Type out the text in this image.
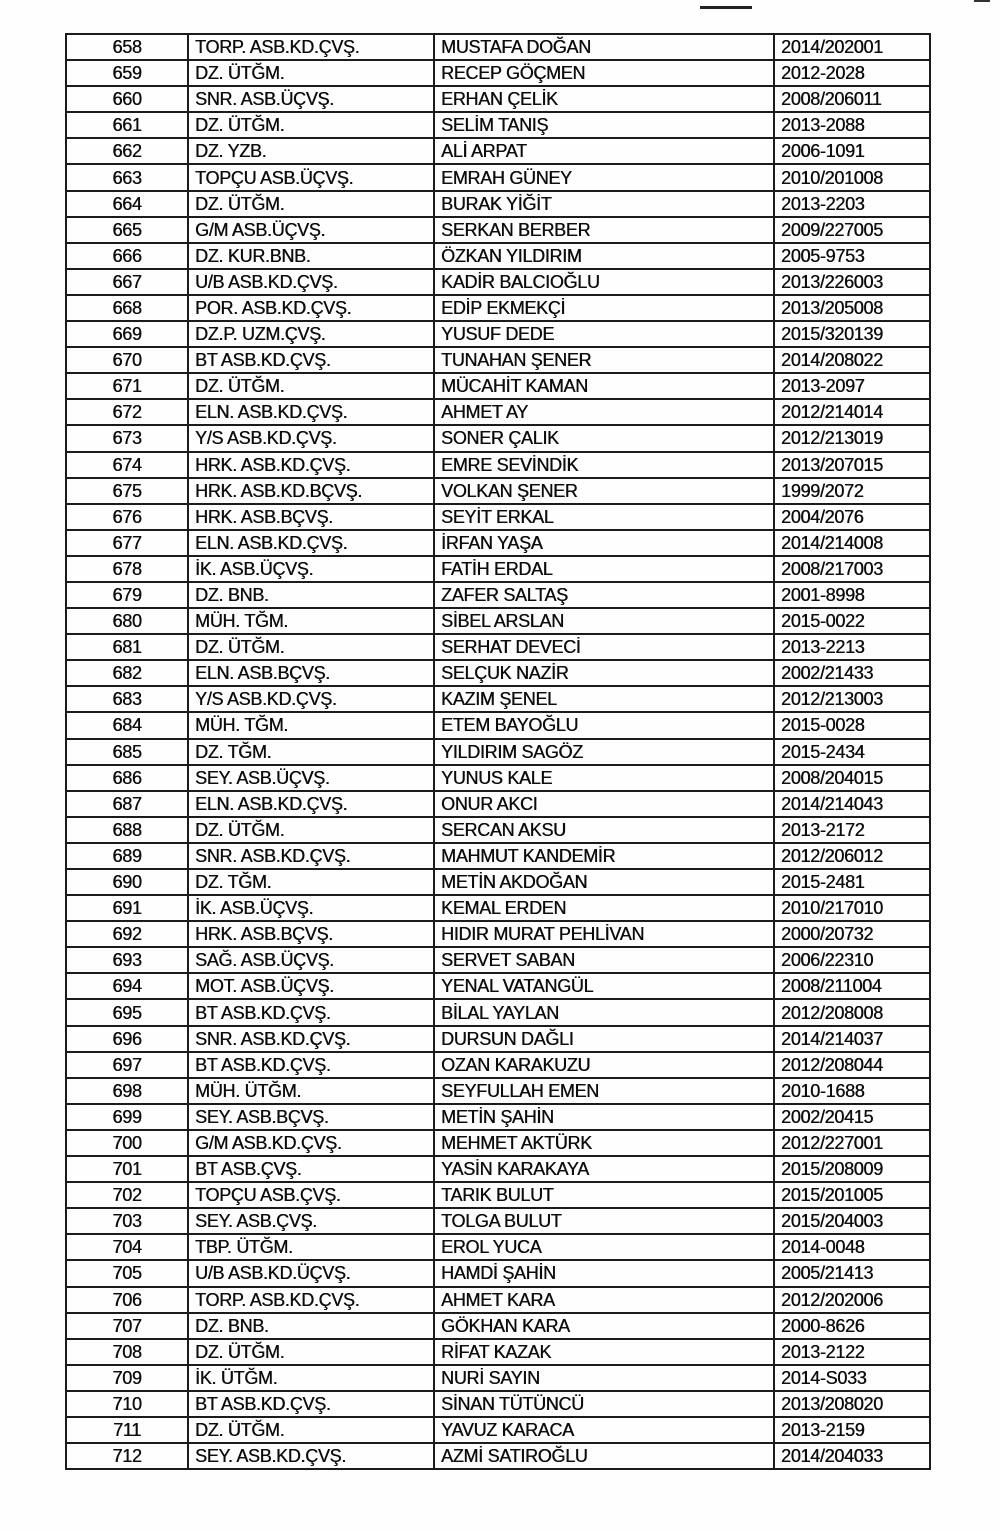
658	TORP. ASB.KD.ÇVŞ.	MUSTAFA DOĞAN	2014/202001
659	DZ. ÜTĞM.	RECEP GÖÇMEN	2012-2028
660	SNR. ASB.ÜÇVŞ.	ERHAN ÇELİK	2008/206011
661	DZ. ÜTĞM.	SELİM TANIŞ	2013-2088
662	DZ. YZB.	ALİ ARPAT	2006-1091
663	TOPÇU ASB.ÜÇVŞ.	EMRAH GÜNEY	2010/201008
664	DZ. ÜTĞM.	BURAK YİĞİT	2013-2203
665	G/M ASB.ÜÇVŞ.	SERKAN BERBER	2009/227005
666	DZ. KUR.BNB.	ÖZKAN YILDIRIM	2005-9753
667	U/B ASB.KD.ÇVŞ.	KADİR BALCIOĞLU	2013/226003
668	POR. ASB.KD.ÇVŞ.	EDİP EKMEKÇİ	2013/205008
669	DZ.P. UZM.ÇVŞ.	YUSUF DEDE	2015/320139
670	BT ASB.KD.ÇVŞ.	TUNAHAN ŞENER	2014/208022
671	DZ. ÜTĞM.	MÜCAHİT KAMAN	2013-2097
672	ELN. ASB.KD.ÇVŞ.	AHMET AY	2012/214014
673	Y/S ASB.KD.ÇVŞ.	SONER ÇALIK	2012/213019
674	HRK. ASB.KD.ÇVŞ.	EMRE SEVİNDİK	2013/207015
675	HRK. ASB.KD.BÇVŞ.	VOLKAN ŞENER	1999/2072
676	HRK. ASB.BÇVŞ.	SEYİT ERKAL	2004/2076
677	ELN. ASB.KD.ÇVŞ.	İRFAN YAŞA	2014/214008
678	İK. ASB.ÜÇVŞ.	FATİH ERDAL	2008/217003
679	DZ. BNB.	ZAFER SALTAŞ	2001-8998
680	MÜH. TĞM.	SİBEL ARSLAN	2015-0022
681	DZ. ÜTĞM.	SERHAT DEVECİ	2013-2213
682	ELN. ASB.BÇVŞ.	SELÇUK NAZİR	2002/21433
683	Y/S ASB.KD.ÇVŞ.	KAZIM ŞENEL	2012/213003
684	MÜH. TĞM.	ETEM BAYOĞLU	2015-0028
685	DZ. TĞM.	YILDIRIM SAGÖZ	2015-2434
686	SEY. ASB.ÜÇVŞ.	YUNUS KALE	2008/204015
687	ELN. ASB.KD.ÇVŞ.	ONUR AKCI	2014/214043
688	DZ. ÜTĞM.	SERCAN AKSU	2013-2172
689	SNR. ASB.KD.ÇVŞ.	MAHMUT KANDEMİR	2012/206012
690	DZ. TĞM.	METİN AKDOĞAN	2015-2481
691	İK. ASB.ÜÇVŞ.	KEMAL ERDEN	2010/217010
692	HRK. ASB.BÇVŞ.	HIDIR MURAT PEHLİVAN	2000/20732
693	SAĞ. ASB.ÜÇVŞ.	SERVET SABAN	2006/22310
694	MOT. ASB.ÜÇVŞ.	YENAL VATANGÜL	2008/211004
695	BT ASB.KD.ÇVŞ.	BİLAL YAYLAN	2012/208008
696	SNR. ASB.KD.ÇVŞ.	DURSUN DAĞLI	2014/214037
697	BT ASB.KD.ÇVŞ.	OZAN KARAKUZU	2012/208044
698	MÜH. ÜTĞM.	SEYFULLAH EMEN	2010-1688
699	SEY. ASB.BÇVŞ.	METİN ŞAHİN	2002/20415
700	G/M ASB.KD.ÇVŞ.	MEHMET AKTÜRK	2012/227001
701	BT ASB.ÇVŞ.	YASİN KARAKAYA	2015/208009
702	TOPÇU ASB.ÇVŞ.	TARIK BULUT	2015/201005
703	SEY. ASB.ÇVŞ.	TOLGA BULUT	2015/204003
704	TBP. ÜTĞM.	EROL YUCA	2014-0048
705	U/B ASB.KD.ÜÇVŞ.	HAMDİ ŞAHİN	2005/21413
706	TORP. ASB.KD.ÇVŞ.	AHMET KARA	2012/202006
707	DZ. BNB.	GÖKHAN KARA	2000-8626
708	DZ. ÜTĞM.	RİFAT KAZAK	2013-2122
709	İK. ÜTĞM.	NURİ SAYIN	2014-S033
710	BT ASB.KD.ÇVŞ.	SİNAN TÜTÜNCÜ	2013/208020
711	DZ. ÜTĞM.	YAVUZ KARACA	2013-2159
712	SEY. ASB.KD.ÇVŞ.	AZMİ SATIROĞLU	2014/204033
